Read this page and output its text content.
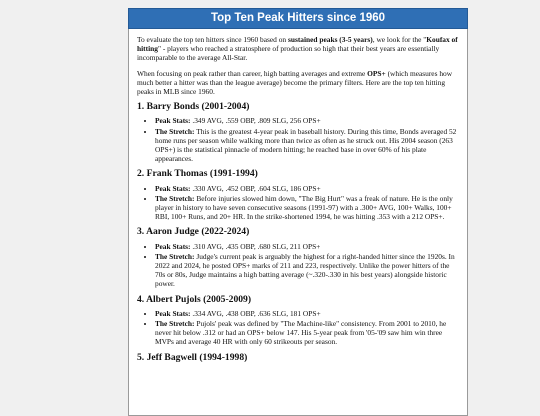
Top Ten Peak Hitters since 1960

To evaluate the top ten hitters since 1960 based on sustained peaks (3-5 years), we look for the "Koufax of hitting" - players who reached a stratosphere of production so high that their best years are essentially incomparable to the average All-Star.

When focusing on peak rather than career, high batting averages and extreme OPS+ (which measures how much better a hitter was than the league average) become the primary filters. Here are the top ten hitting peaks in MLB since 1960.

1. Barry Bonds (2001-2004)
• Peak Stats: .349 AVG, .559 OBP, .809 SLG, 256 OPS+
• The Stretch: This is the greatest 4-year peak in baseball history. During this time, Bonds averaged 52 home runs per season while walking more than twice as often as he struck out. His 2004 season (263 OPS+) is the statistical pinnacle of modern hitting; he reached base in over 60% of his plate appearances.
2. Frank Thomas (1991-1994)
• Peak Stats: .330 AVG, .452 OBP, .604 SLG, 186 OPS+
• The Stretch: Before injuries slowed him down, "The Big Hurt" was a freak of nature. He is the only player in history to have seven consecutive seasons (1991-97) with a .300+ AVG, 100+ Walks, 100+ RBI, 100+ Runs, and 20+ HR. In the strike-shortened 1994, he was hitting .353 with a 212 OPS+.
3. Aaron Judge (2022-2024)
• Peak Stats: .310 AVG, .435 OBP, .680 SLG, 211 OPS+
• The Stretch: Judge's current peak is arguably the highest for a right-handed hitter since the 1920s. In 2022 and 2024, he posted OPS+ marks of 211 and 223, respectively. Unlike the power hitters of the 70s or 80s, Judge maintains a high batting average (~.320-.330 in his best years) alongside historic power.
4. Albert Pujols (2005-2009)
• Peak Stats: .334 AVG, .438 OBP, .636 SLG, 181 OPS+
• The Stretch: Pujols' peak was defined by "The Machine-like" consistency. From 2001 to 2010, he never hit below .312 or had an OPS+ below 147. His 5-year peak from '05-'09 saw him win three MVPs and average 40 HR with only 60 strikeouts per season.
5. Jeff Bagwell (1994-1998)
